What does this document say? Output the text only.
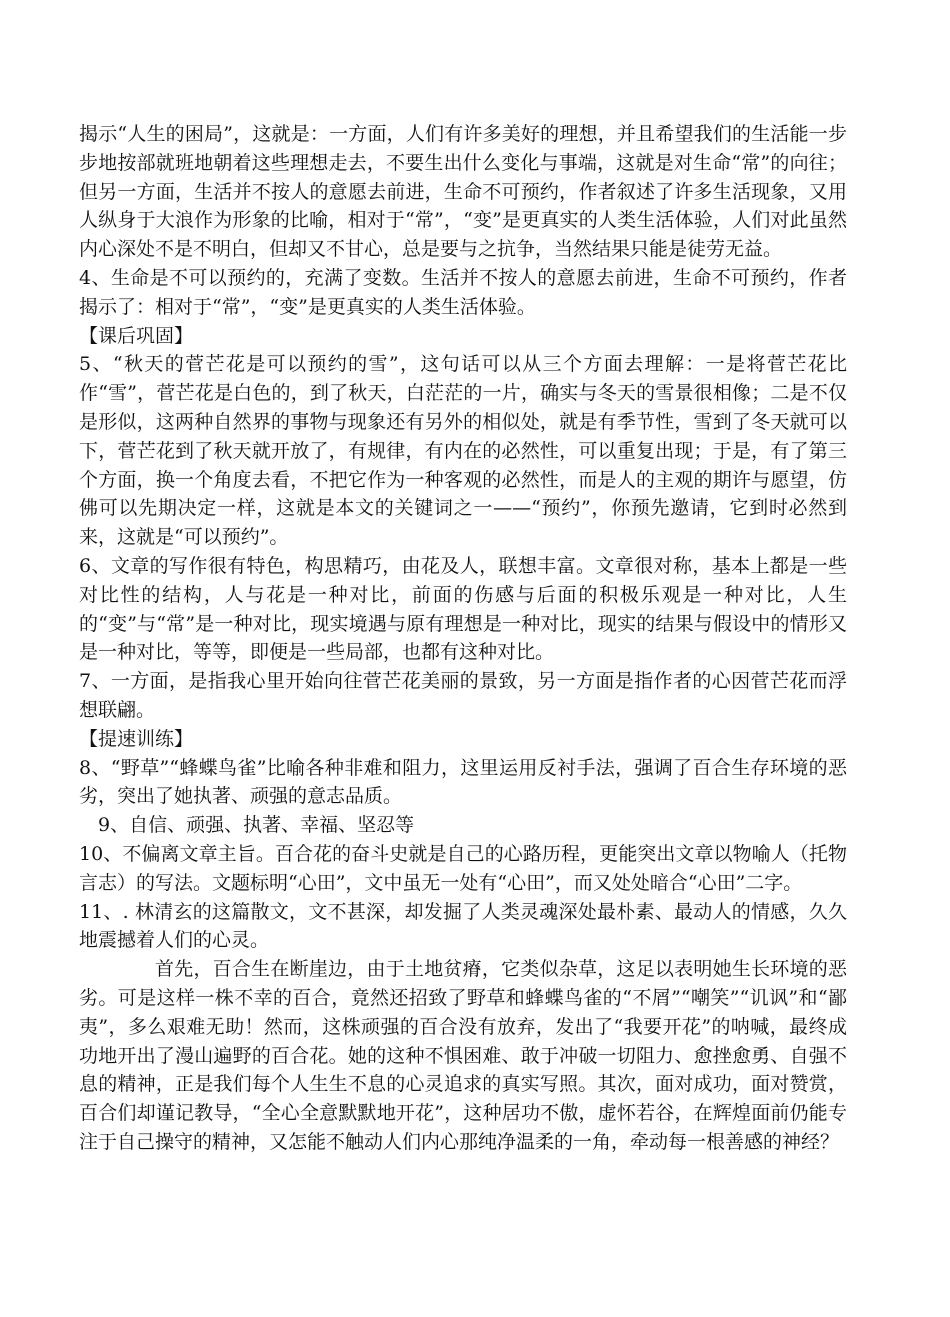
揭示“人生的困局”，这就是：一方面，人们有许多美好的理想，并且希望我们的生活能一步步地按部就班地朝着这些理想走去，不要生出什么变化与事端，这就是对生命“常”的向往；但另一方面，生活并不按人的意愿去前进，生命不可预约，作者叙述了许多生活现象，又用人纵身于大浪作为形象的比喻，相对于“常”，“变”是更真实的人类生活体验，人们对此虽然内心深处不是不明白，但却又不甘心，总是要与之抗争，当然结果只能是徒劳无益。

4、生命是不可以预约的，充满了变数。生活并不按人的意愿去前进，生命不可预约，作者揭示了：相对于“常”，“变”是更真实的人类生活体验。

【课后巩固】

5、“秋天的菅芒花是可以预约的雪”，这句话可以从三个方面去理解：一是将菅芒花比作“雪”，菅芒花是白色的，到了秋天，白茫茫的一片，确实与冬天的雪景很相像；二是不仅是形似，这两种自然界的事物与现象还有另外的相似处，就是有季节性，雪到了冬天就可以下，菅芒花到了秋天就开放了，有规律，有内在的必然性，可以重复出现；于是，有了第三个方面，换一个角度去看，不把它作为一种客观的必然性，而是人的主观的期许与愿望，仿佛可以先期决定一样，这就是本文的关键词之一——“预约”，你预先邀请，它到时必然到来，这就是“可以预约”。

6、文章的写作很有特色，构思精巧，由花及人，联想丰富。文章很对称，基本上都是一些对比性的结构，人与花是一种对比，前面的伤感与后面的积极乐观是一种对比，人生的“变”与“常”是一种对比，现实境遇与原有理想是一种对比，现实的结果与假设中的情形又是一种对比，等等，即便是一些局部，也都有这种对比。

7、一方面，是指我心里开始向往菅芒花美丽的景致，另一方面是指作者的心因菅芒花而浮想联翩。

【提速训练】

8、“野草”“蜂蝶鸟雀”比喻各种非难和阻力，这里运用反衬手法，强调了百合生存环境的恶劣，突出了她执著、顽强的意志品质。

9、自信、顽强、执著、幸福、坚忍等

10、不偏离文章主旨。百合花的奋斗史就是自己的心路历程，更能突出文章以物喻人（托物言志）的写法。文题标明“心田”，文中虽无一处有“心田”，而又处处暗合“心田”二字。

11、. 林清玄的这篇散文，文不甚深，却发掘了人类灵魂深处最朴素、最动人的情感，久久地震撼着人们的心灵。

首先，百合生在断崖边，由于土地贫瘠，它类似杂草，这足以表明她生长环境的恶劣。可是这样一株不幸的百合，竟然还招致了野草和蜂蝶鸟雀的“不屑”“嘲笑”“讥讽”和“鄙夷”，多么艰难无助！然而，这株顽强的百合没有放弃，发出了“我要开花”的呐喊，最终成功地开出了漫山遍野的百合花。她的这种不惧困难、敢于冲破一切阻力、愈挫愈勇、自强不息的精神，正是我们每个人生生不息的心灵追求的真实写照。其次，面对成功，面对赞赏，百合们却谨记教导，“全心全意默默地开花”，这种居功不傲，虚怀若谷，在辉煌面前仍能专注于自己操守的精神，又怎能不触动人们内心那纯净温柔的一角，牵动每一根善感的神经？
